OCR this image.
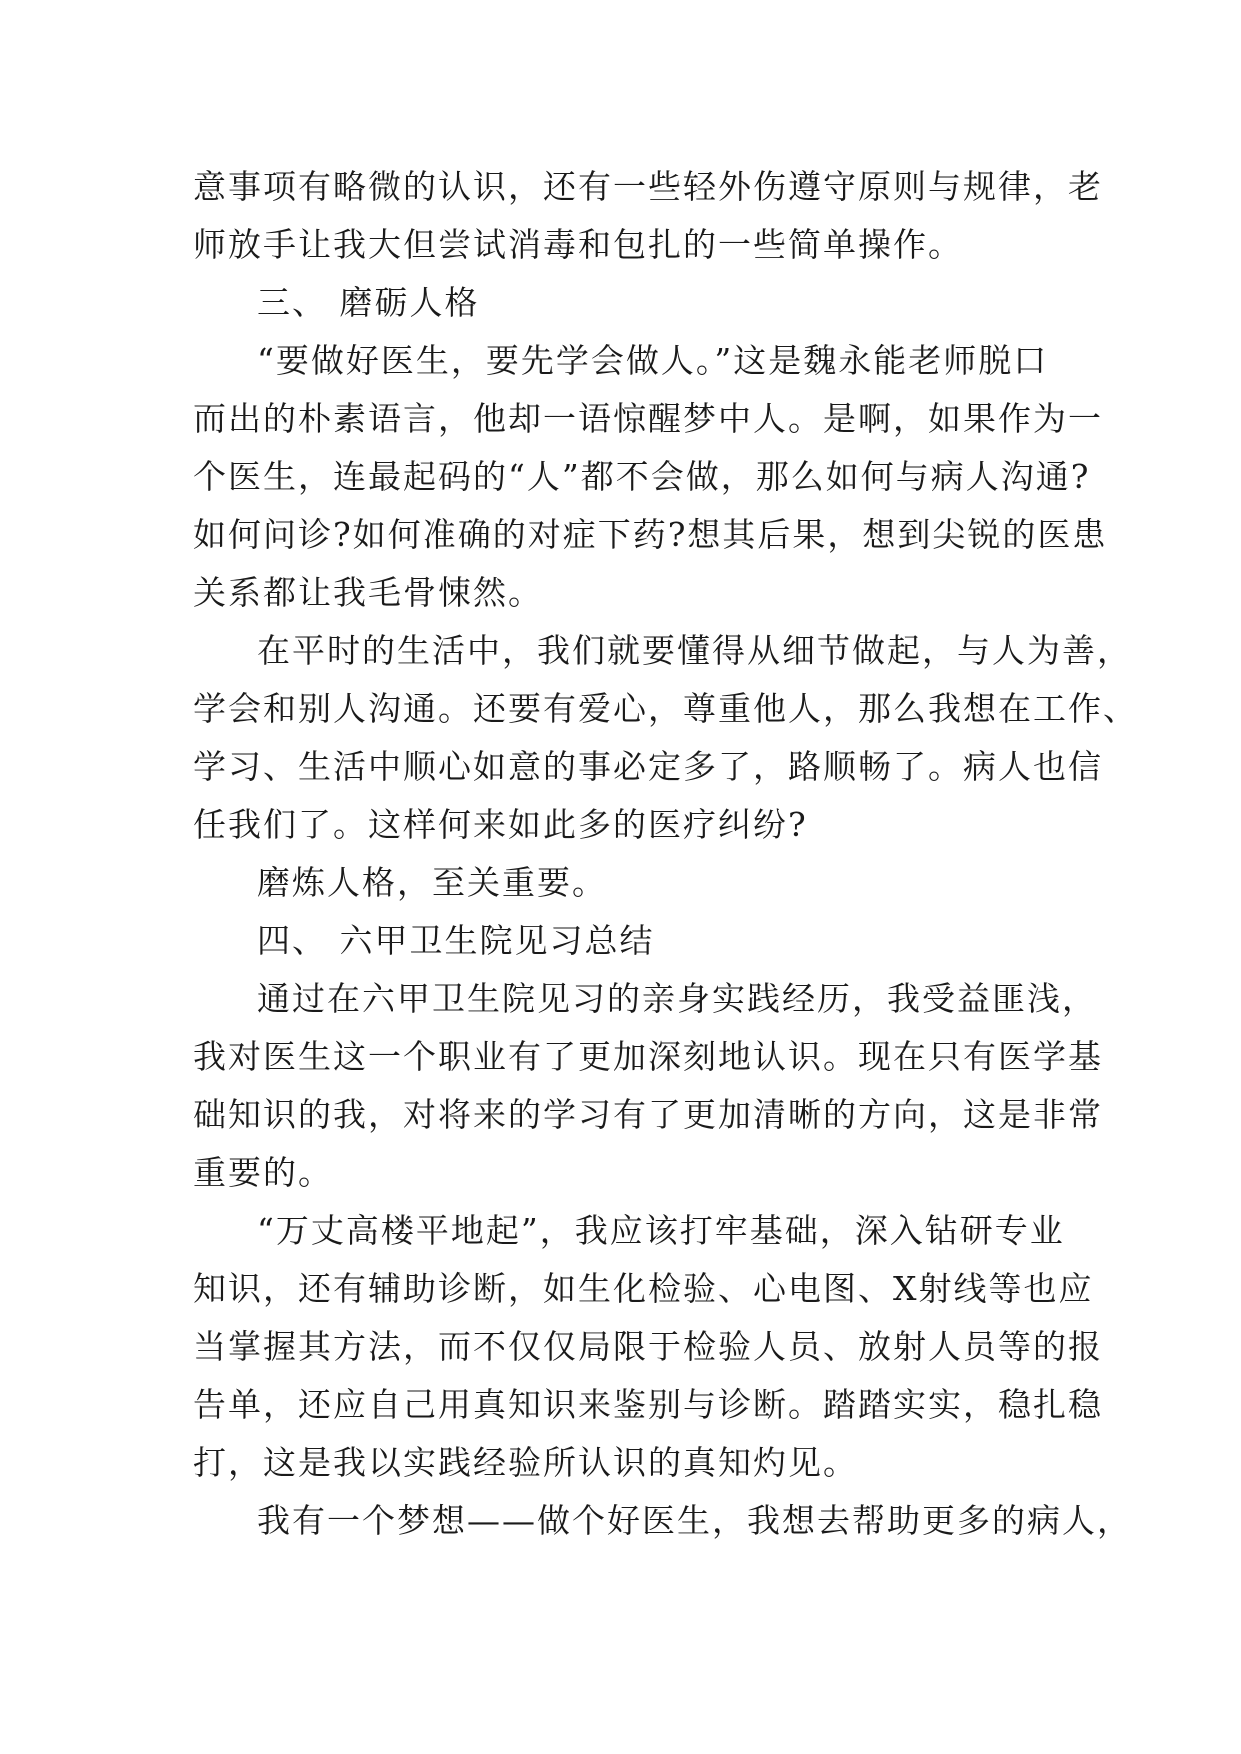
意事项有略微的认识，还有一些轻外伤遵守原则与规律，老
师放手让我大但尝试消毒和包扎的一些简单操作。
三、 磨砺人格
“要做好医生，要先学会做人。”这是魏永能老师脱口
而出的朴素语言，他却一语惊醒梦中人。是啊，如果作为一
个医生，连最起码的“人”都不会做，那么如何与病人沟通?
如何问诊?如何准确的对症下药?想其后果，想到尖锐的医患
关系都让我毛骨悚然。
在平时的生活中，我们就要懂得从细节做起，与人为善，
学会和别人沟通。还要有爱心，尊重他人，那么我想在工作、
学习、生活中顺心如意的事必定多了，路顺畅了。病人也信
任我们了。这样何来如此多的医疗纠纷?
磨炼人格，至关重要。
四、 六甲卫生院见习总结
通过在六甲卫生院见习的亲身实践经历，我受益匪浅，
我对医生这一个职业有了更加深刻地认识。现在只有医学基
础知识的我，对将来的学习有了更加清晰的方向，这是非常
重要的。
“万丈高楼平地起”，我应该打牢基础，深入钻研专业
知识，还有辅助诊断，如生化检验、心电图、X射线等也应
当掌握其方法，而不仅仅局限于检验人员、放射人员等的报
告单，还应自己用真知识来鉴别与诊断。踏踏实实，稳扎稳
打，这是我以实践经验所认识的真知灼见。
我有一个梦想——做个好医生，我想去帮助更多的病人，
